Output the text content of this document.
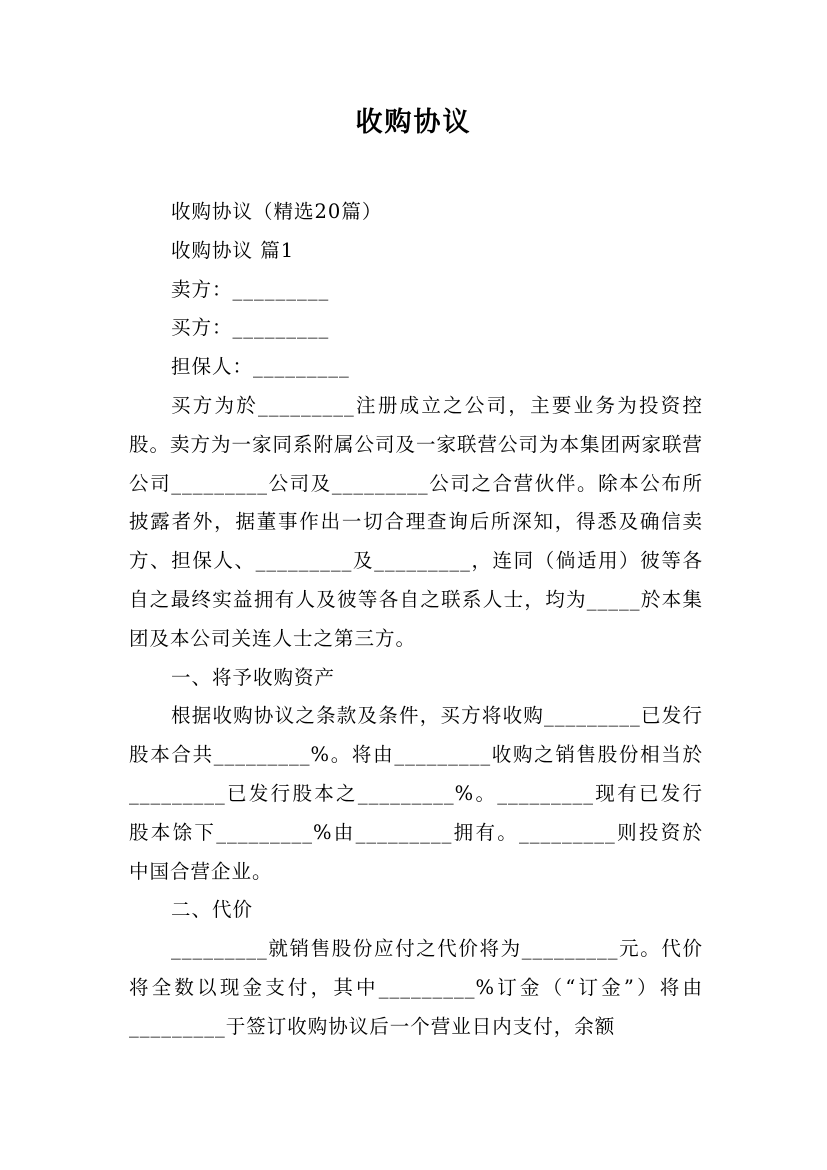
收购协议

收购协议（精选20篇）

收购协议 篇1

卖方：_________

买方：_________

担保人：_________

买方为於_________注册成立之公司，主要业务为投资控股。卖方为一家同系附属公司及一家联营公司为本集团两家联营公司_________公司及_________公司之合营伙伴。除本公布所披露者外，据董事作出一切合理查询后所深知，得悉及确信卖方、担保人、_________及_________，连同（倘适用）彼等各自之最终实益拥有人及彼等各自之联系人士，均为_____於本集团及本公司关连人士之第三方。

一、将予收购资产

根据收购协议之条款及条件，买方将收购_________已发行股本合共_________%。将由_________收购之销售股份相当於_________已发行股本之_________%。_________现有已发行股本馀下_________%由_________拥有。_________则投资於中国合营企业。

二、代价

_________就销售股份应付之代价将为_________元。代价将全数以现金支付，其中_________%订金（“订金”）将由_________于签订收购协议后一个营业日内支付，余额
